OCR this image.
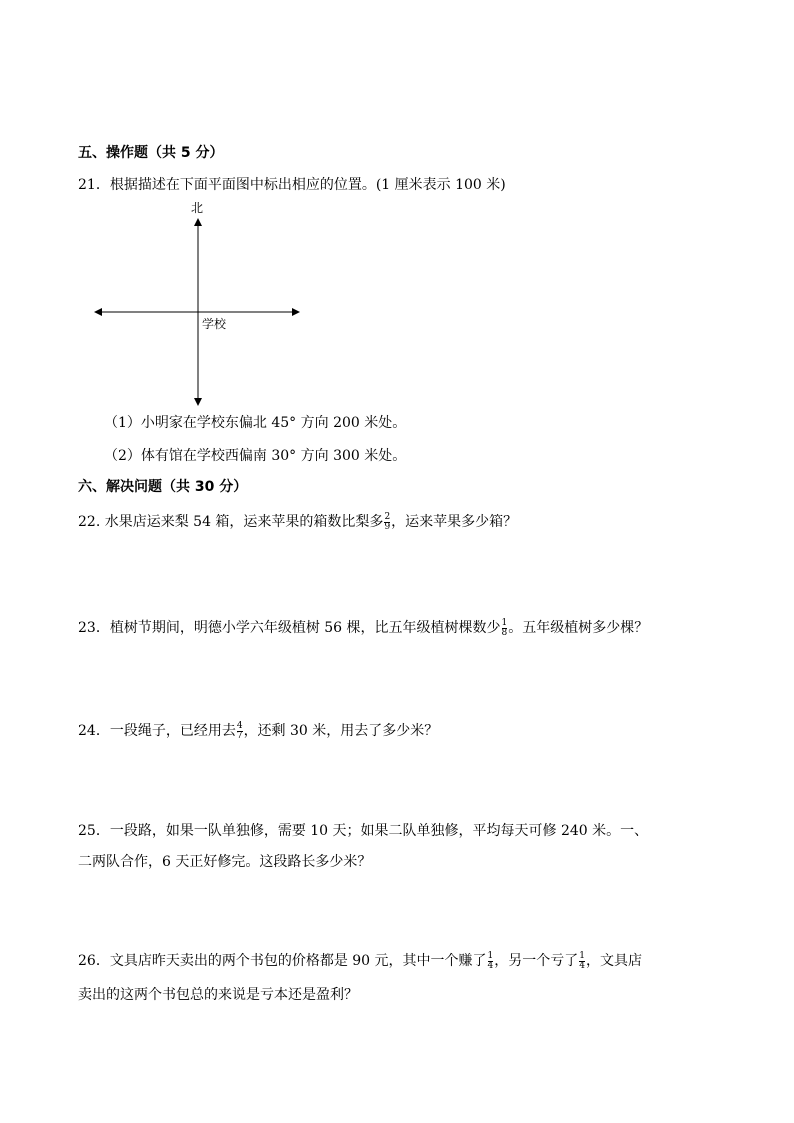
五、操作题（共 5 分）
21．根据描述在下面平面图中标出相应的位置。(1 厘米表示 100 米)
北
学校
（1）小明家在学校东偏北 45° 方向 200 米处。
（2）体有馆在学校西偏南 30° 方向 300 米处。
六、解决问题（共 30 分）
22. 水果店运来梨 54 箱，运来苹果的箱数比梨多 $\frac{2}{9}$ ，运来苹果多少箱？
23．植树节期间，明德小学六年级植树 56 棵，比五年级植树棵数少 $\frac{1}{8}$ 。五年级植树多少棵？
24．一段绳子，已经用去 $\frac{4}{7}$ ，还剩 30 米，用去了多少米？
25．一段路，如果一队单独修，需要 10 天；如果二队单独修，平均每天可修 240 米。一、
二两队合作，6 天正好修完。这段路长多少米？
26．文具店昨天卖出的两个书包的价格都是 90 元，其中一个赚了 $\frac{1}{4}$ ，另一个亏了 $\frac{1}{4}$ ，文具店
卖出的这两个书包总的来说是亏本还是盈利？
